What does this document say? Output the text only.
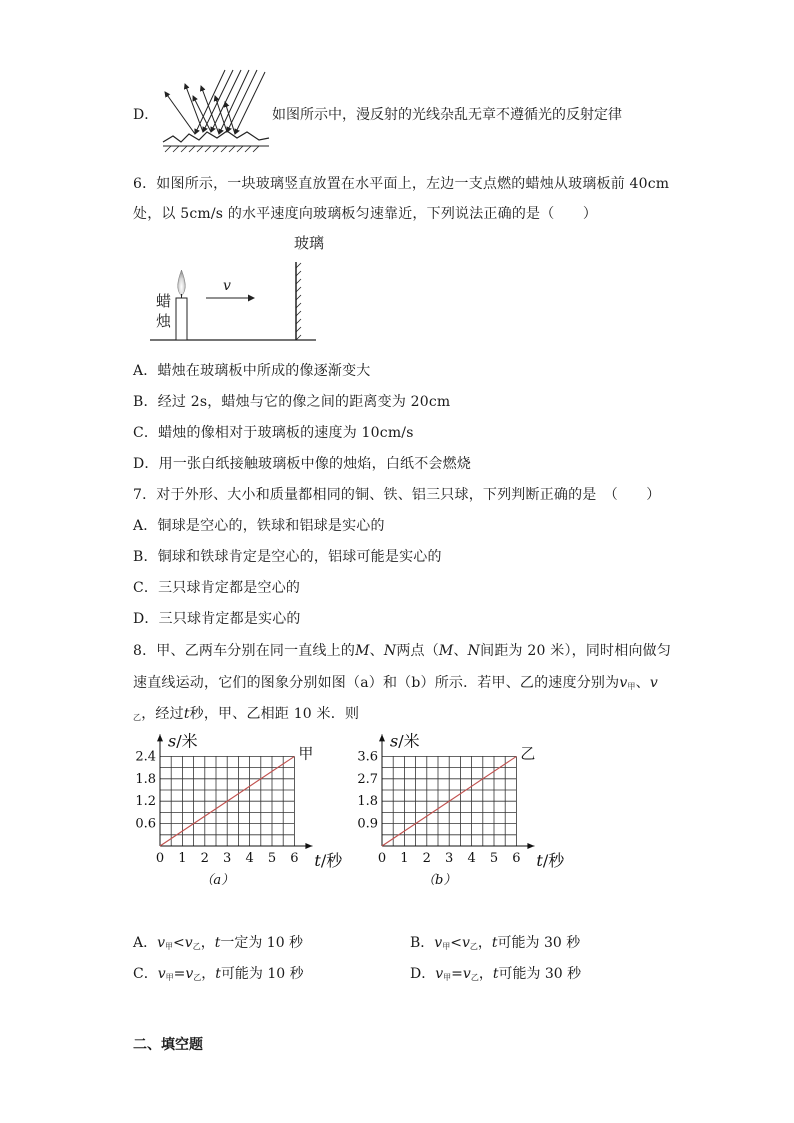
D．	如图所示中，漫反射的光线杂乱无章不遵循光的反射定律
6．如图所示，一块玻璃竖直放置在水平面上，左边一支点燃的蜡烛从玻璃板前 40cm
处，以 5cm/s 的水平速度向玻璃板匀速靠近，下列说法正确的是（　　）
玻璃
蜡
烛
v
A．蜡烛在玻璃板中所成的像逐渐变大
B．经过 2s，蜡烛与它的像之间的距离变为 20cm
C．蜡烛的像相对于玻璃板的速度为 10cm/s
D．用一张白纸接触玻璃板中像的烛焰，白纸不会燃烧
7．对于外形、大小和质量都相同的铜、铁、铝三只球，下列判断正确的是　（　　）
A．铜球是空心的，铁球和铝球是实心的
B．铜球和铁球肯定是空心的，铝球可能是实心的
C．三只球肯定都是空心的
D．三只球肯定都是实心的
8．甲、乙两车分别在同一直线上的M、N两点（M、N间距为 20 米），同时相向做匀
速直线运动，它们的图象分别如图（a）和（b）所示．若甲、乙的速度分别为$v_甲$、v
$_乙$，经过t秒，甲、乙相距 10 米．则
0 1 2 3 4 5 6
0.6
1.2
1.8
2.4
s/米
t/秒
甲
（a）
0 1 2 3 4 5 6
0.9
1.8
2.7
3.6
s/米
t/秒
乙
（b）
A．$v_甲<v_乙$，t一定为 10 秒	B．$v_甲<v_乙$，t可能为 30 秒
C．$v_甲=v_乙$，t可能为 10 秒	D．$v_甲=v_乙$，t可能为 30 秒
二、填空题
